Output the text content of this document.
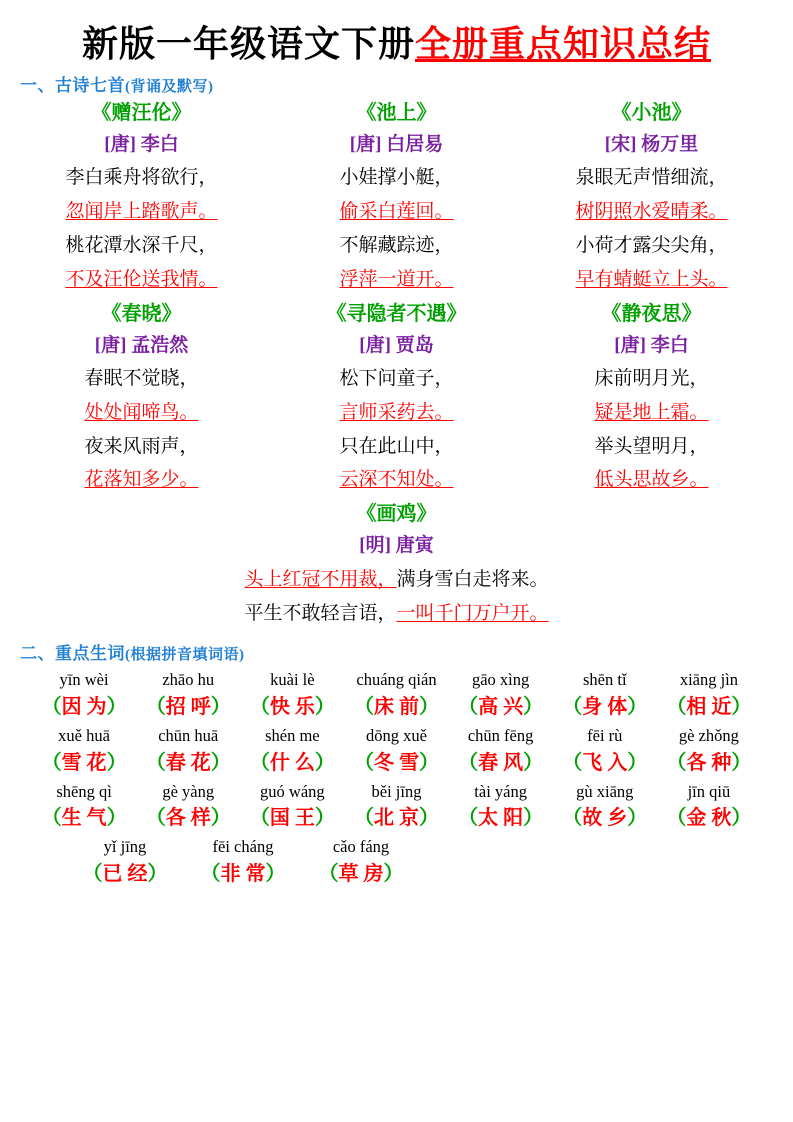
新版一年级语文下册 全册重点知识总结
一、古诗七首(背诵及默写)
《赠汪伦》
[唐] 李白
李白乘舟将欲行，
忽闻岸上踏歌声。
桃花潭水深千尺，
不及汪伦送我情。
《池上》
[唐] 白居易
小娃撑小艇，
偷采白莲回。
不解藏踪迹，
浮萍一道开。
《小池》
[宋] 杨万里
泉眼无声惜细流，
树阴照水爱晴柔。
小荷才露尖尖角，
早有蜻蜓立上头。
《春晓》
[唐] 孟浩然
春眠不觉晓，
处处闻啼鸟。
夜来风雨声，
花落知多少。
《寻隐者不遇》
[唐] 贾岛
松下问童子，
言师采药去。
只在此山中，
云深不知处。
《静夜思》
[唐] 李白
床前明月光，
疑是地上霜。
举头望明月，
低头思故乡。
《画鸡》
[明] 唐寅
头上红冠不用裁，满身雪白走将来。
平生不敢轻言语，一叫千门万户开。
二、重点生词(根据拼音填词语)
yīn wèi	zhāo hu	kuài lè	chuáng qián	gāo xìng	shēn tǐ	xiāng jìn
（因 为） （招 呼） （快 乐） （床 前） （高 兴） （身 体） （相 近）
xuě huā	chūn huā	shén me	dōng xuě	chūn fēng	fēi rù	gè zhǒng
（雪 花） （春 花） （什 么） （冬 雪） （春 风） （飞 入） （各 种）
shēng qì	gè yàng	guó wáng	běi jīng	tài yáng	gù xiāng	jīn qiū
（生 气） （各 样） （国 王） （北 京） （太 阳） （故 乡） （金 秋）
yǐ jīng	fēi cháng	cǎo fáng
（已 经）	（非 常）	（草 房）
